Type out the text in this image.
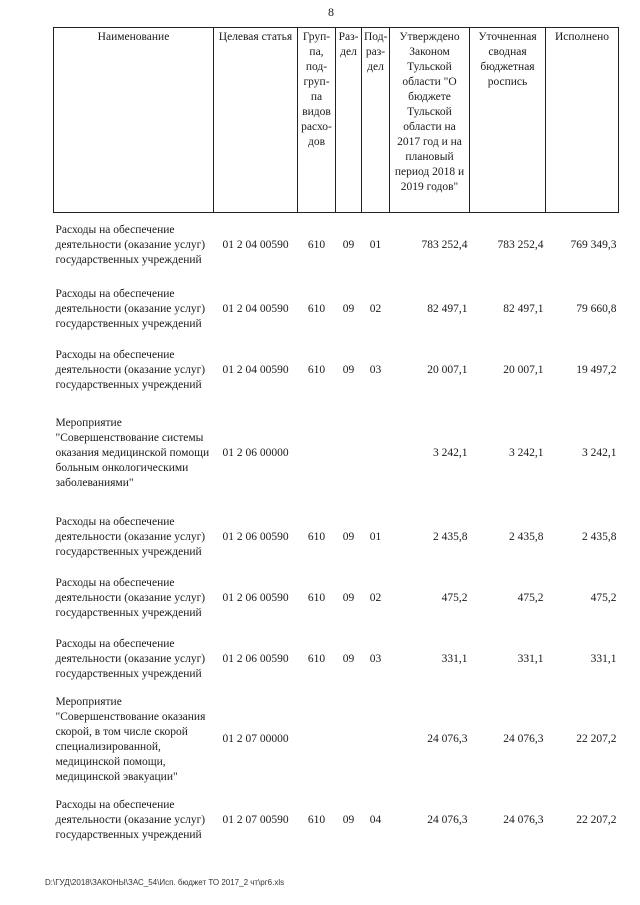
8
Наименование	Целевая статья	Груп-па, под-груп-па видов расхо-дов	Раз-дел	Под-раз-дел	Утверждено Законом Тульской области "О бюджете Тульской области на 2017 год и на плановый период 2018 и 2019 годов"	Уточненная сводная бюджетная роспись	Исполнено
Расходы на обеспечение деятельности (оказание услуг) государственных учреждений	01 2 04 00590	610	09	01	783 252,4	783 252,4	769 349,3
Расходы на обеспечение деятельности (оказание услуг) государственных учреждений	01 2 04 00590	610	09	02	82 497,1	82 497,1	79 660,8
Расходы на обеспечение деятельности (оказание услуг) государственных учреждений	01 2 04 00590	610	09	03	20 007,1	20 007,1	19 497,2
Мероприятие "Совершенствование системы оказания медицинской помощи больным онкологическими заболеваниями"	01 2 06 00000				3 242,1	3 242,1	3 242,1
Расходы на обеспечение деятельности (оказание услуг) государственных учреждений	01 2 06 00590	610	09	01	2 435,8	2 435,8	2 435,8
Расходы на обеспечение деятельности (оказание услуг) государственных учреждений	01 2 06 00590	610	09	02	475,2	475,2	475,2
Расходы на обеспечение деятельности (оказание услуг) государственных учреждений	01 2 06 00590	610	09	03	331,1	331,1	331,1
Мероприятие "Совершенствование оказания скорой, в том числе скорой специализированной, медицинской помощи, медицинской эвакуации"	01 2 07 00000				24 076,3	24 076,3	22 207,2
Расходы на обеспечение деятельности (оказание услуг) государственных учреждений	01 2 07 00590	610	09	04	24 076,3	24 076,3	22 207,2
D:\ГУД\2018\ЗАКОНЫ\ЗАС_54\Исп. бюджет ТО 2017_2 чт\рг6.xls
